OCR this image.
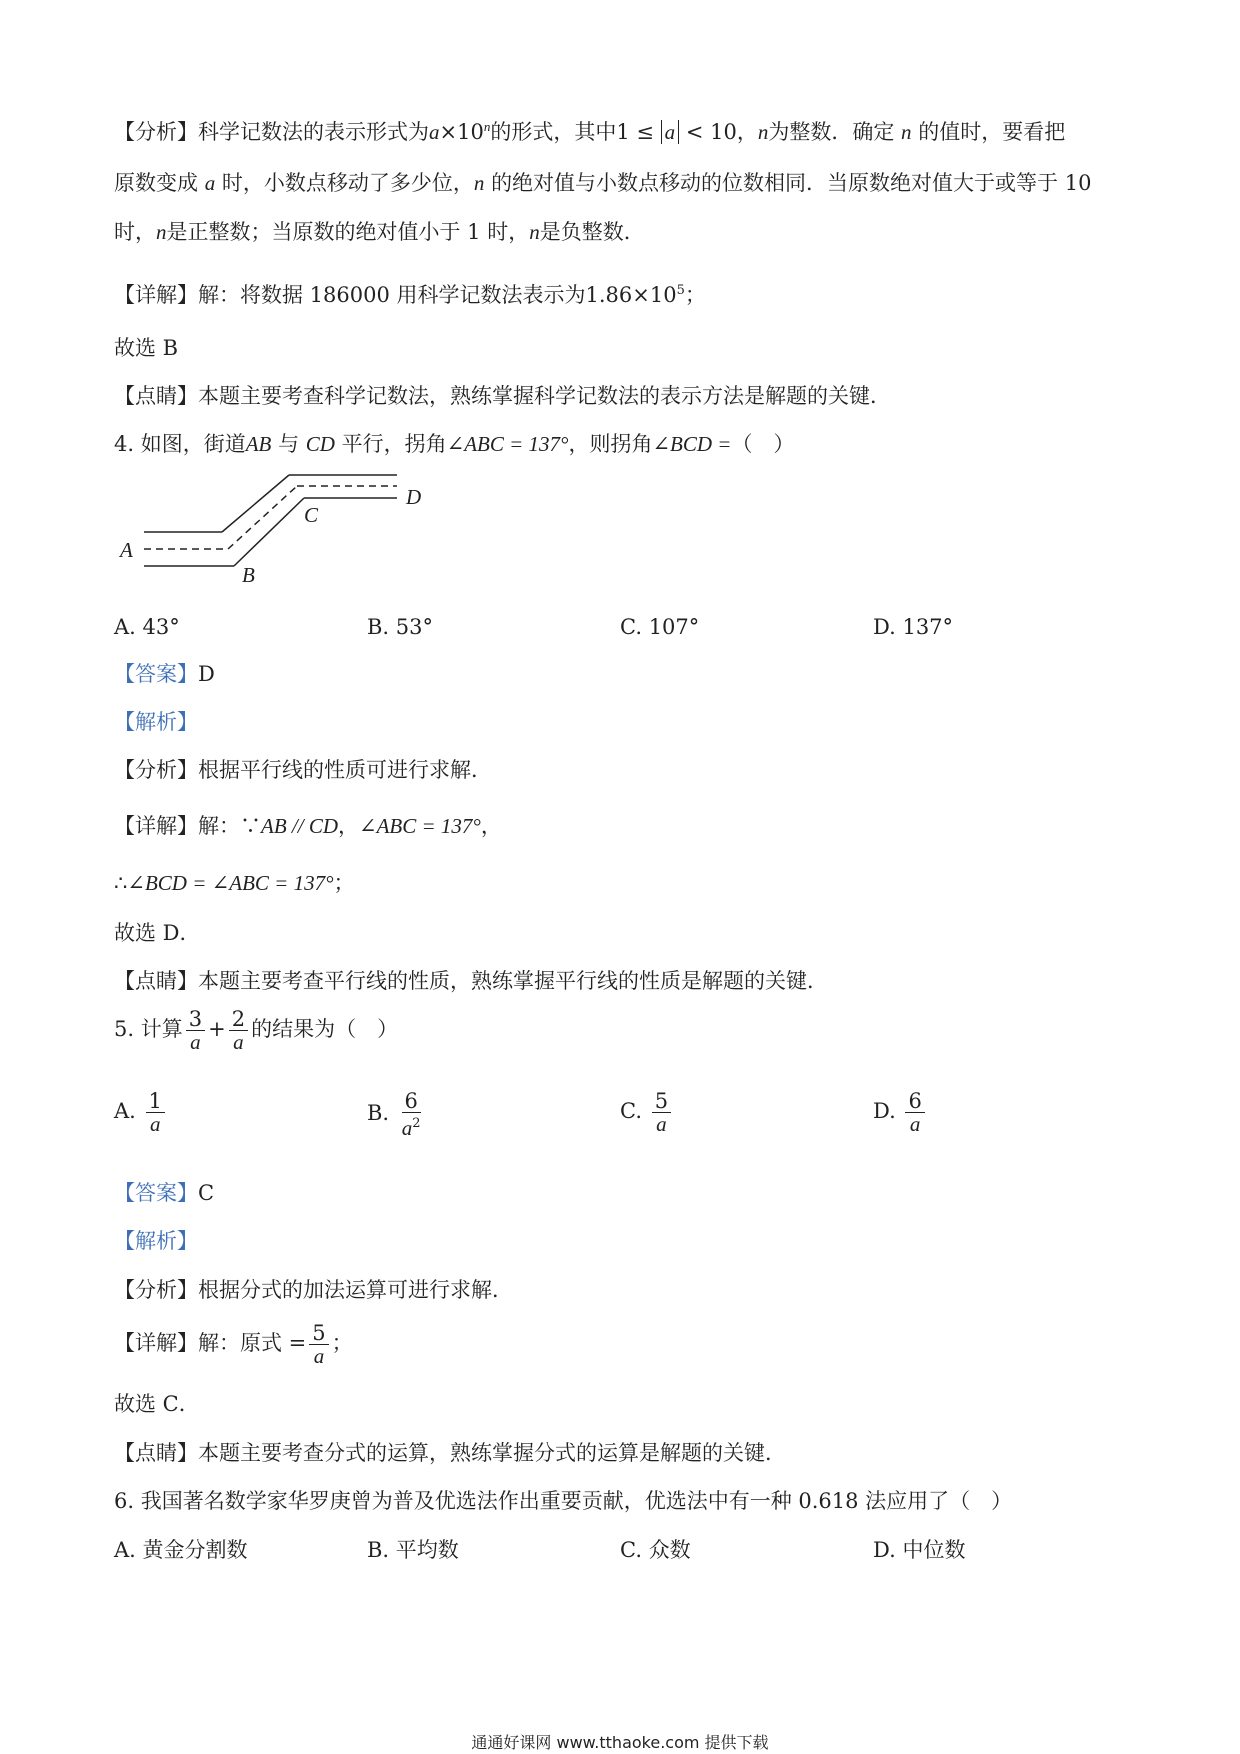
【分析】科学记数法的表示形式为$a\times 10^n$的形式，其中1 ≤ a < 10，n为整数．确定 n 的值时，要看把
原数变成 a 时，小数点移动了多少位，n 的绝对值与小数点移动的位数相同．当原数绝对值大于或等于 10
时，n是正整数；当原数的绝对值小于 1 时，n是负整数．
【详解】解：将数据 186000 用科学记数法表示为$1.86\times 10^5$；
故选 B
【点睛】本题主要考查科学记数法，熟练掌握科学记数法的表示方法是解题的关键．
4. 如图，街道AB 与 CD 平行，拐角∠ABC = 137°，则拐角∠BCD =（　）
A
B
C
D
A. 43°	B. 53°	C. 107°	D. 137°
【答案】D
【解析】
【分析】根据平行线的性质可进行求解．
【详解】解：∵AB // CD，∠ABC = 137°，
∴∠BCD = ∠ABC = 137°；
故选 D．
【点睛】本题主要考查平行线的性质，熟练掌握平行线的性质是解题的关键．
5. 计算 $\frac{3}{a} + \frac{2}{a}$ 的结果为（　）
A. $\frac{1}{a}$	B. $\frac{6}{a^2}$	C. $\frac{5}{a}$	D. $\frac{6}{a}$
【答案】C
【解析】
【分析】根据分式的加法运算可进行求解．
【详解】解：原式 = $\frac{5}{a}$ ；
故选 C．
【点睛】本题主要考查分式的运算，熟练掌握分式的运算是解题的关键．
6. 我国著名数学家华罗庚曾为普及优选法作出重要贡献，优选法中有一种 0.618 法应用了（　）
A. 黄金分割数	B. 平均数	C. 众数	D. 中位数
通通好课网 www.tthaoke.com 提供下载
